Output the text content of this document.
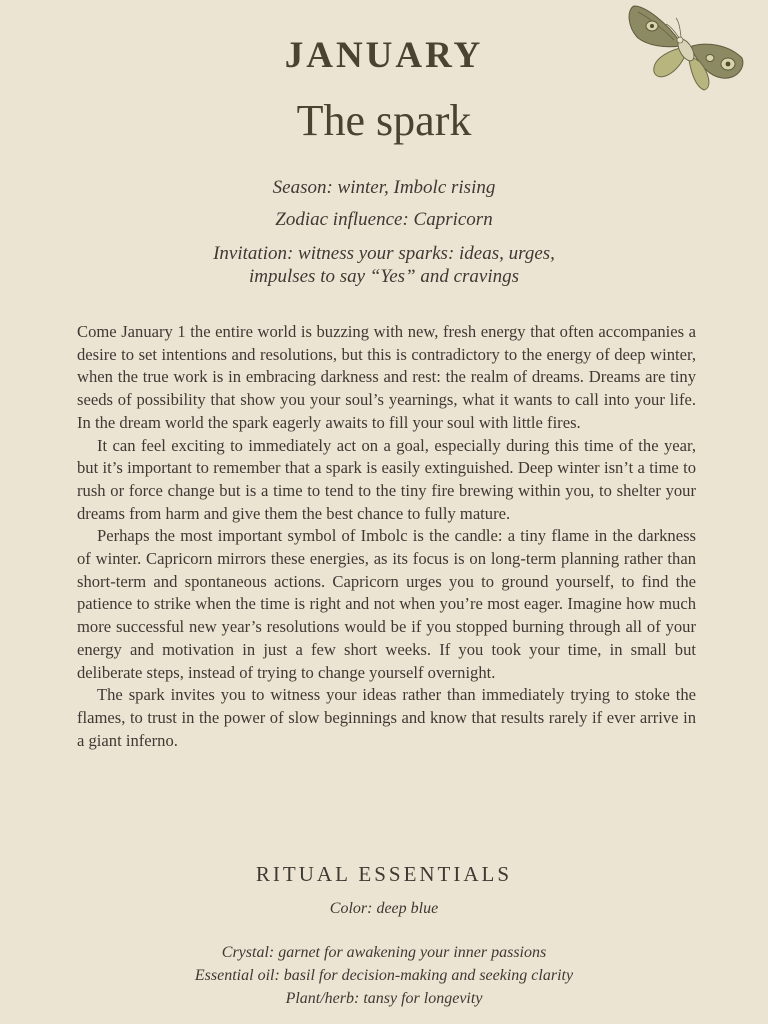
JANUARY
The spark
Season: winter, Imbolc rising
Zodiac influence: Capricorn
Invitation: witness your sparks: ideas, urges,
impulses to say “Yes” and cravings

Come January 1 the entire world is buzzing with new, fresh energy that often accompanies a desire to set intentions and resolutions, but this is contradictory to the energy of deep winter, when the true work is in embracing darkness and rest: the realm of dreams. Dreams are tiny seeds of possibility that show you your soul’s yearnings, what it wants to call into your life. In the dream world the spark eagerly awaits to fill your soul with little fires.

It can feel exciting to immediately act on a goal, especially during this time of the year, but it’s important to remember that a spark is easily extinguished. Deep winter isn’t a time to rush or force change but is a time to tend to the tiny fire brewing within you, to shelter your dreams from harm and give them the best chance to fully mature.

Perhaps the most important symbol of Imbolc is the candle: a tiny flame in the darkness of winter. Capricorn mirrors these energies, as its focus is on long-term planning rather than short-term and spontaneous actions. Capricorn urges you to ground yourself, to find the patience to strike when the time is right and not when you’re most eager. Imagine how much more successful new year’s resolutions would be if you stopped burning through all of your energy and motivation in just a few short weeks. If you took your time, in small but deliberate steps, instead of trying to change yourself overnight.

The spark invites you to witness your ideas rather than immediately trying to stoke the flames, to trust in the power of slow beginnings and know that results rarely if ever arrive in a giant inferno.

RITUAL ESSENTIALS
Color: deep blue
Crystal: garnet for awakening your inner passions
Essential oil: basil for decision-making and seeking clarity
Plant/herb: tansy for longevity
